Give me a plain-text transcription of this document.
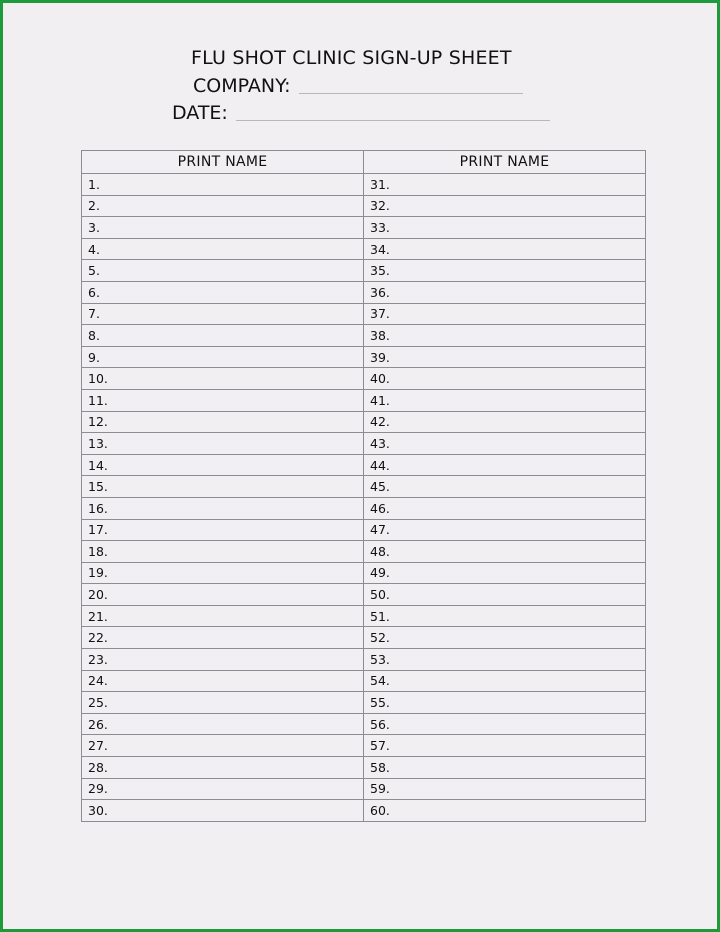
FLU SHOT CLINIC SIGN-UP SHEET
COMPANY:
DATE:
PRINT NAME	PRINT NAME
1.	31.
2.	32.
3.	33.
4.	34.
5.	35.
6.	36.
7.	37.
8.	38.
9.	39.
10.	40.
11.	41.
12.	42.
13.	43.
14.	44.
15.	45.
16.	46.
17.	47.
18.	48.
19.	49.
20.	50.
21.	51.
22.	52.
23.	53.
24.	54.
25.	55.
26.	56.
27.	57.
28.	58.
29.	59.
30.	60.
